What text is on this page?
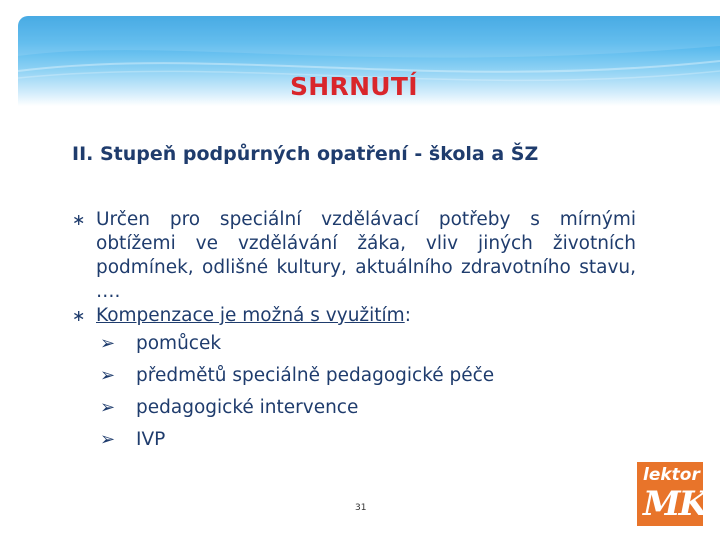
SHRNUTÍ
II. Stupeň podpůrných opatření - škola a ŠZ
∗ Určen pro speciální vzdělávací potřeby s mírnými obtížemi ve vzdělávání žáka, vliv jiných životních podmínek, odlišné kultury, aktuálního zdravotního stavu, ….
∗ Kompenzace je možná s využitím:
➢ pomůcek
➢ předmětů speciálně pedagogické péče
➢ pedagogické intervence
➢ IVP
31
lektor
MK
